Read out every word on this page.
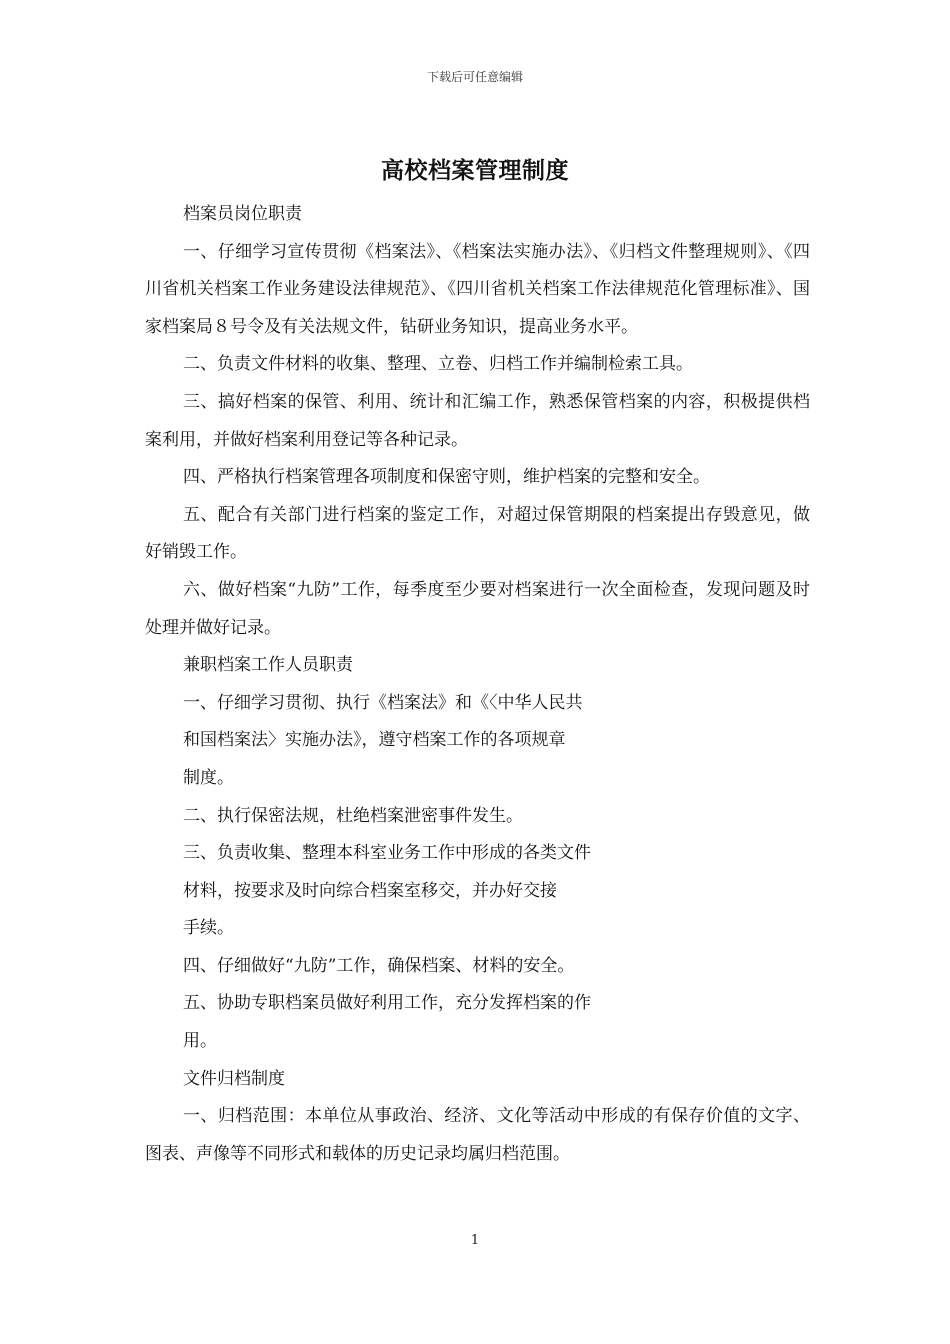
下载后可任意编辑
高校档案管理制度

档案员岗位职责

一、仔细学习宣传贯彻《档案法》、《档案法实施办法》、《归档文件整理规则》、《四川省机关档案工作业务建设法律规范》、《四川省机关档案工作法律规范化管理标准》、国家档案局８号令及有关法规文件，钻研业务知识，提高业务水平。

二、负责文件材料的收集、整理、立卷、归档工作并编制检索工具。

三、搞好档案的保管、利用、统计和汇编工作，熟悉保管档案的内容，积极提供档案利用，并做好档案利用登记等各种记录。

四、严格执行档案管理各项制度和保密守则，维护档案的完整和安全。

五、配合有关部门进行档案的鉴定工作，对超过保管期限的档案提出存毁意见，做好销毁工作。

六、做好档案“九防”工作，每季度至少要对档案进行一次全面检查，发现问题及时处理并做好记录。

兼职档案工作人员职责

一、仔细学习贯彻、执行《档案法》和《〈中华人民共

和国档案法〉实施办法》，遵守档案工作的各项规章

制度。

二、执行保密法规，杜绝档案泄密事件发生。

三、负责收集、整理本科室业务工作中形成的各类文件

材料，按要求及时向综合档案室移交，并办好交接

手续。

四、仔细做好“九防”工作，确保档案、材料的安全。

五、协助专职档案员做好利用工作，充分发挥档案的作

用。

文件归档制度

一、归档范围：本单位从事政治、经济、文化等活动中形成的有保存价值的文字、图表、声像等不同形式和载体的历史记录均属归档范围。

1
